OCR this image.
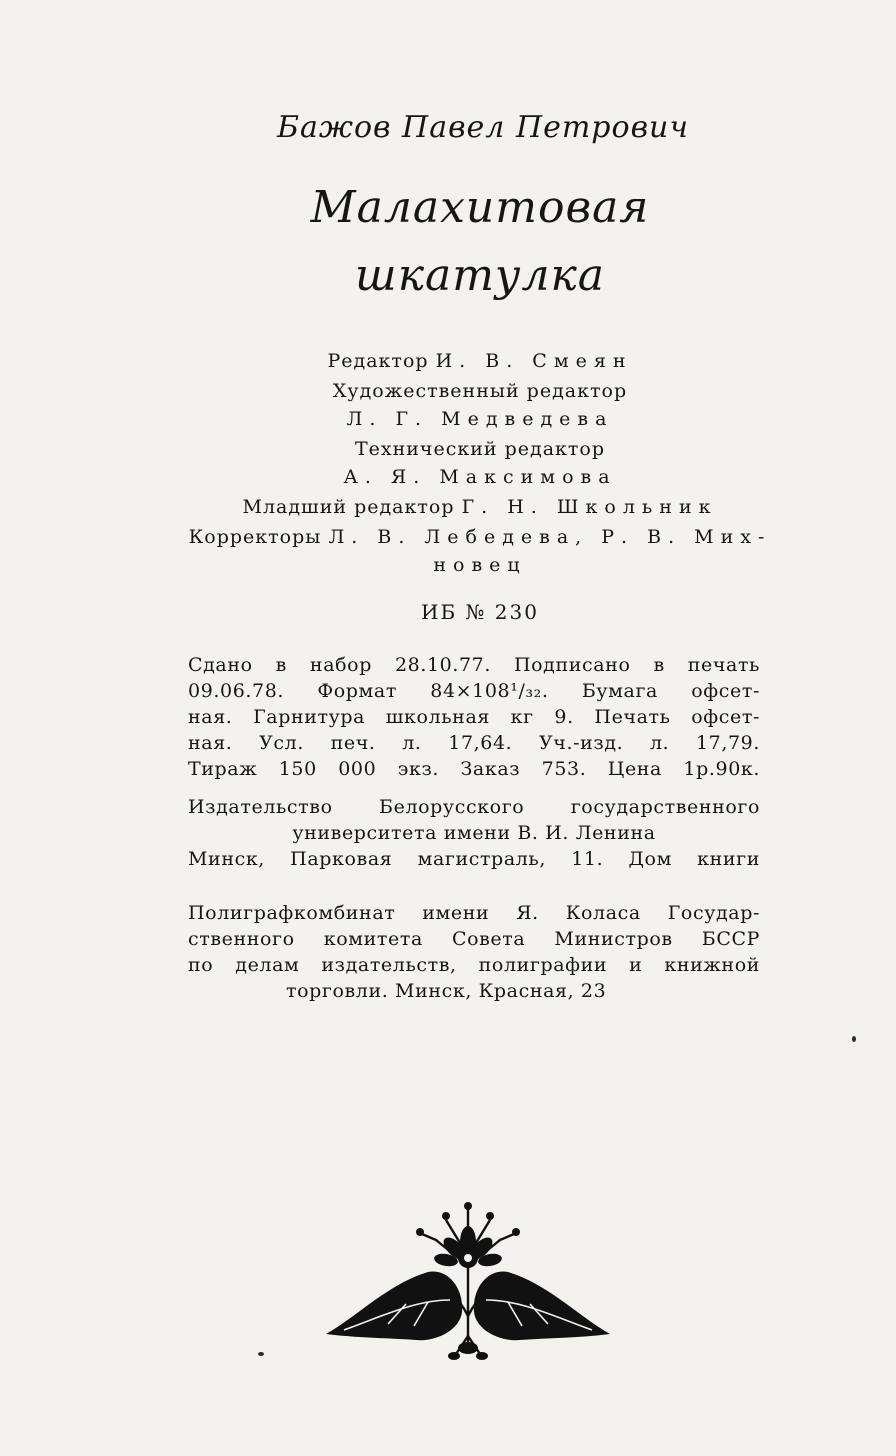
Бажов Павел Петрович
Малахитовая
шкатулка
Редактор И. В. Смеян
Художественный редактор
Л. Г. Медведева
Технический редактор
А. Я. Максимова
Младший редактор Г. Н. Школьник
Корректоры Л. В. Лебедева, Р. В. Мих-
новец
ИБ № 230
Сдано в набор 28.10.77. Подписано в печать
09.06.78. Формат 84×108¹/₃₂. Бумага офсет-
ная. Гарнитура школьная кг 9. Печать офсет-
ная. Усл. печ. л. 17,64. Уч.-изд. л. 17,79.
Тираж 150 000 экз. Заказ 753. Цена 1р.90к.
Издательство Белорусского государственного
университета имени В. И. Ленина
Минск, Парковая магистраль, 11. Дом книги
Полиграфкомбинат имени Я. Коласа Государ-
ственного комитета Совета Министров БССР
по делам издательств, полиграфии и книжной
торговли. Минск, Красная, 23
